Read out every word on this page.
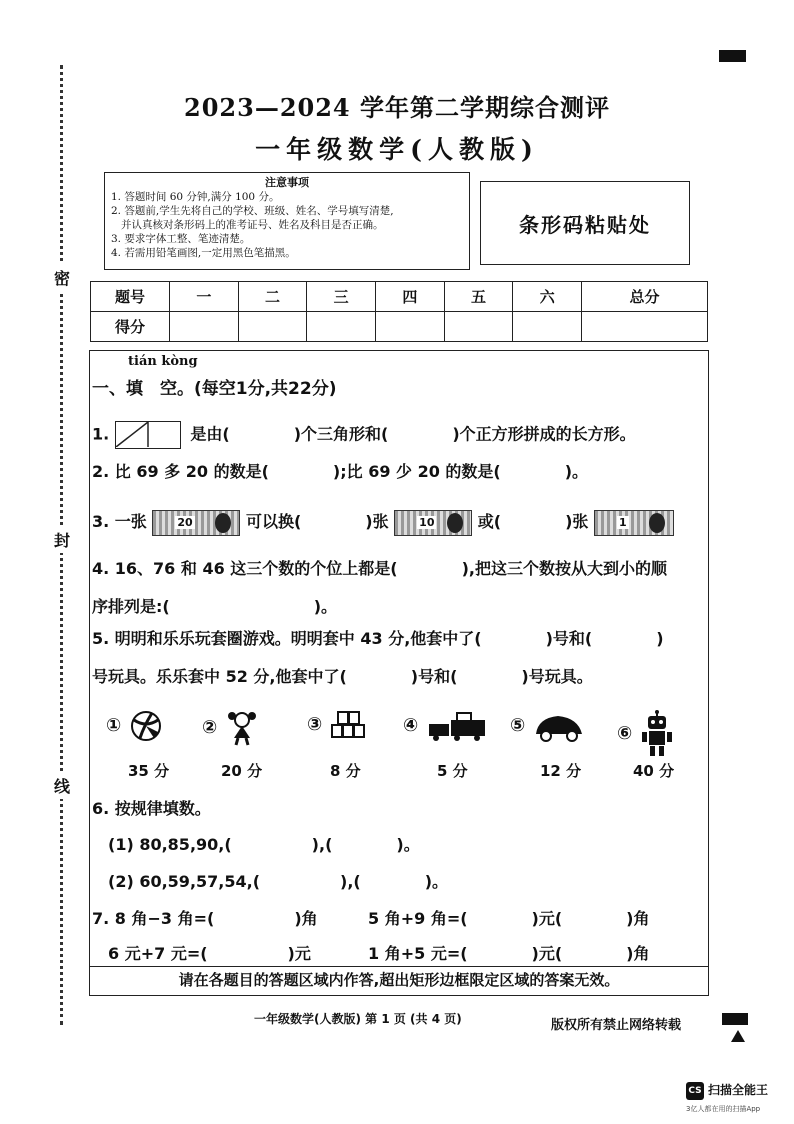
密
封
线
2023—2024 学年第二学期综合测评
一年级数学(人教版)
注意事项
1. 答题时间 60 分钟,满分 100 分。
2. 答题前,学生先将自己的学校、班级、姓名、学号填写清楚,
并认真核对条形码上的准考证号、姓名及科目是否正确。
3. 要求字体工整、笔迹清楚。
4. 若需用铅笔画图,一定用黑色笔描黑。
条形码粘贴处
题号	一	二	三	四	五	六	总分
得分							
tián kòng
一、填　空。(每空1分,共22分)
1.	是由(　　　　)个三角形和(　　　　)个正方形拼成的长方形。
2. 比 69 多 20 的数是(　　　　);比 69 少 20 的数是(　　　　)。
3. 一张	20	可以换(　　　　)张	10	或(　　　　)张	1
4. 16、76 和 46 这三个数的个位上都是(　　　　),把这三个数按从大到小的顺
序排列是:(　　　　　　　　　)。
5. 明明和乐乐玩套圈游戏。明明套中 43 分,他套中了(　　　　)号和(　　　　)
号玩具。乐乐套中 52 分,他套中了(　　　　)号和(　　　　)号玩具。
①	②	③	④	⑤	⑥
35 分	20 分	8 分	5 分	12 分	40 分
6. 按规律填数。
(1) 80,85,90,(　　　　　),(　　　　)。
(2) 60,59,57,54,(　　　　　),(　　　　)。
7. 8 角−3 角=(　　　　　)角	5 角+9 角=(　　　　)元(　　　　)角
6 元+7 元=(　　　　　)元	1 角+5 元=(　　　　)元(　　　　)角
请在各题目的答题区域内作答,超出矩形边框限定区域的答案无效。
一年级数学(人教版) 第 1 页 (共 4 页)	版权所有禁止网络转载
CS 扫描全能王
3亿人都在用的扫描App
